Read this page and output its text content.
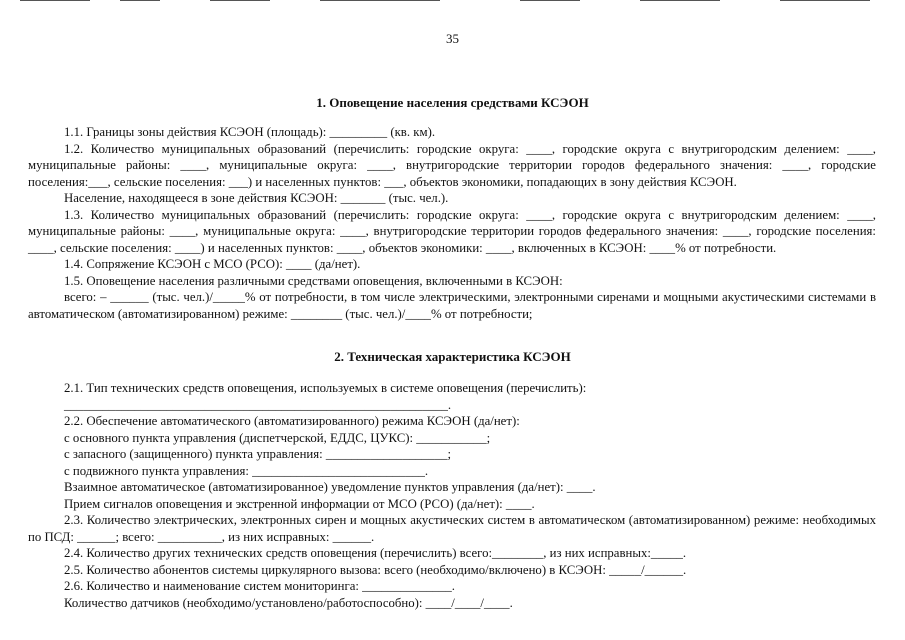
35
1. Оповещение населения средствами КСЭОН

1.1. Границы зоны действия КСЭОН (площадь): _________ (кв. км).

1.2. Количество муниципальных образований (перечислить: городские округа: ____, городские округа с внутригородским делением: ____, муниципальные районы: ____, муниципальные округа: ____, внутригородские территории городов федерального значения: ____, городские поселения:___, сельские поселения: ___) и населенных пунктов: ___, объектов экономики, попадающих в зону действия КСЭОН.

Население, находящееся в зоне действия КСЭОН: _______ (тыс. чел.).

1.3. Количество муниципальных образований (перечислить: городские округа: ____, городские округа с внутригородским делением: ____, муниципальные районы: ____, муниципальные округа: ____, внутригородские территории городов федерального значения: ____, городские поселения: ____, сельские поселения: ____) и населенных пунктов: ____, объектов экономики: ____, включенных в КСЭОН: ____% от потребности.

1.4. Сопряжение КСЭОН с МСО (РСО): ____ (да/нет).

1.5. Оповещение населения различными средствами оповещения, включенными в КСЭОН:

всего: – ______ (тыс. чел.)/_____% от потребности, в том числе электрическими, электронными сиренами и мощными акустическими системами в автоматическом (автоматизированном) режиме: ________ (тыс. чел.)/____% от потребности;

2. Техническая характеристика КСЭОН

2.1. Тип технических средств оповещения, используемых в системе оповещения (перечислить):

____________________________________________________________.

2.2. Обеспечение автоматического (автоматизированного) режима КСЭОН (да/нет):

с основного пункта управления (диспетчерской, ЕДДС, ЦУКС): ___________;

с запасного (защищенного) пункта управления: ___________________;

с подвижного пункта управления: ___________________________.

Взаимное автоматическое (автоматизированное) уведомление пунктов управления (да/нет): ____.

Прием сигналов оповещения и экстренной информации от МСО (РСО) (да/нет): ____.

2.3. Количество электрических, электронных сирен и мощных акустических систем в автоматическом (автоматизированном) режиме: необходимых по ПСД: ______; всего: __________, из них исправных: ______.

2.4. Количество других технических средств оповещения (перечислить) всего:________, из них исправных:_____.

2.5. Количество абонентов системы циркулярного вызова: всего (необходимо/включено) в КСЭОН: _____/______.

2.6. Количество и наименование систем мониторинга: ______________.

Количество датчиков (необходимо/установлено/работоспособно): ____/____/____.
